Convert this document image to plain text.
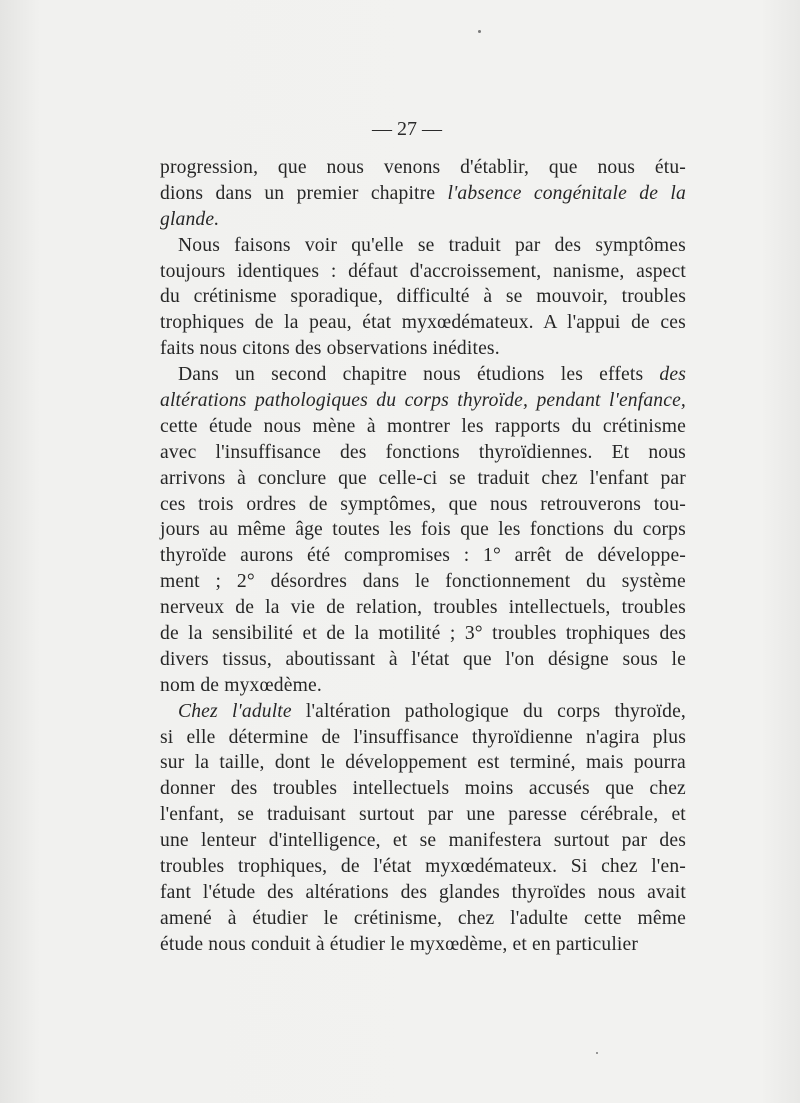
— 27 —
progression, que nous venons d'établir, que nous étu-
dions dans un premier chapitre l'absence congénitale de la
glande.
Nous faisons voir qu'elle se traduit par des symptômes
toujours identiques : défaut d'accroissement, nanisme, aspect
du crétinisme sporadique, difficulté à se mouvoir, troubles
trophiques de la peau, état myxœdémateux. A l'appui de ces
faits nous citons des observations inédites.
Dans un second chapitre nous étudions les effets des
altérations pathologiques du corps thyroïde, pendant l'enfance,
cette étude nous mène à montrer les rapports du crétinisme
avec l'insuffisance des fonctions thyroïdiennes. Et nous
arrivons à conclure que celle-ci se traduit chez l'enfant par
ces trois ordres de symptômes, que nous retrouverons tou-
jours au même âge toutes les fois que les fonctions du corps
thyroïde aurons été compromises : 1° arrêt de développe-
ment ; 2° désordres dans le fonctionnement du système
nerveux de la vie de relation, troubles intellectuels, troubles
de la sensibilité et de la motilité ; 3° troubles trophiques des
divers tissus, aboutissant à l'état que l'on désigne sous le
nom de myxœdème.
Chez l'adulte l'altération pathologique du corps thyroïde,
si elle détermine de l'insuffisance thyroïdienne n'agira plus
sur la taille, dont le développement est terminé, mais pourra
donner des troubles intellectuels moins accusés que chez
l'enfant, se traduisant surtout par une paresse cérébrale, et
une lenteur d'intelligence, et se manifestera surtout par des
troubles trophiques, de l'état myxœdémateux. Si chez l'en-
fant l'étude des altérations des glandes thyroïdes nous avait
amené à étudier le crétinisme, chez l'adulte cette même
étude nous conduit à étudier le myxœdème, et en particulier
